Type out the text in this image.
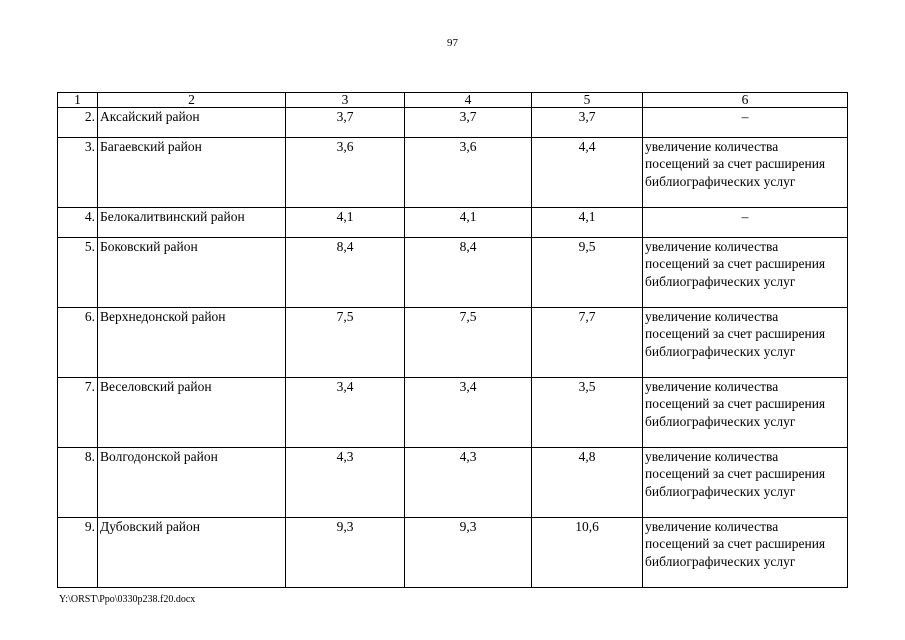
97
1	2	3	4	5	6
2.	Аксайский район	3,7	3,7	3,7	–
3.	Багаевский район	3,6	3,6	4,4	увеличение количества посещений за счет расширения библиографических услуг
4.	Белокалитвинский район	4,1	4,1	4,1	–
5.	Боковский район	8,4	8,4	9,5	увеличение количества посещений за счет расширения библиографических услуг
6.	Верхнедонской район	7,5	7,5	7,7	увеличение количества посещений за счет расширения библиографических услуг
7.	Веселовский район	3,4	3,4	3,5	увеличение количества посещений за счет расширения библиографических услуг
8.	Волгодонской район	4,3	4,3	4,8	увеличение количества посещений за счет расширения библиографических услуг
9.	Дубовский район	9,3	9,3	10,6	увеличение количества посещений за счет расширения библиографических услуг
Y:\ORST\Ppo\0330p238.f20.docx
